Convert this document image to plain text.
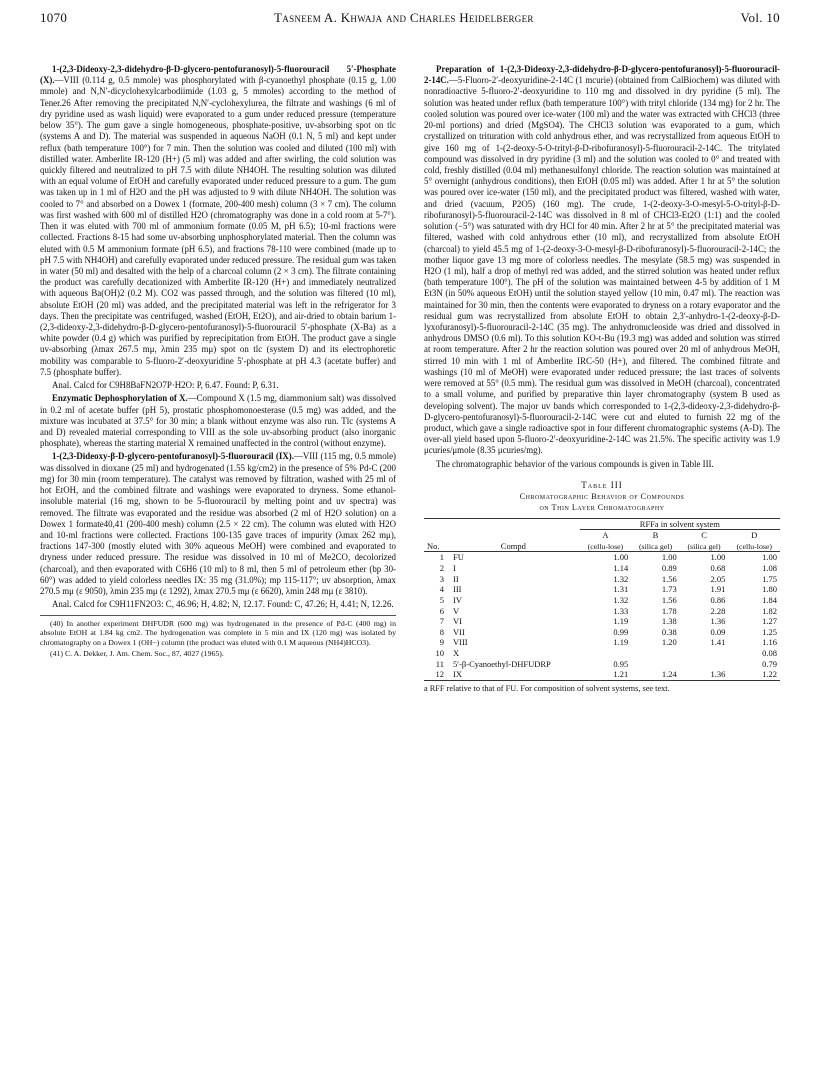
1070	Tasneem A. Khwaja and Charles Heidelberger	Vol. 10

1-(2,3-Dideoxy-2,3-didehydro-β-D-glycero-pentofuranosyl)-5-fluorouracil 5′-Phosphate (X).—VIII (0.114 g, 0.5 mmole) was phosphorylated with β-cyanoethyl phosphate (0.15 g, 1.00 mmole) and N,N′-dicyclohexylcarbodiimide (1.03 g, 5 mmoles) according to the method of Tener.26 After removing the precipitated N,N′-cyclohexylurea, the filtrate and washings (6 ml of dry pyridine used as wash liquid) were evaporated to a gum under reduced pressure (temperature below 35°). The gum gave a single homogeneous, phosphate-positive, uv-absorbing spot on tlc (systems A and D). The material was suspended in aqueous NaOH (0.1 N, 5 ml) and kept under reflux (bath temperature 100°) for 7 min. Then the solution was cooled and diluted (100 ml) with distilled water. Amberlite IR-120 (H+) (5 ml) was added and after swirling, the cold solution was quickly filtered and neutralized to pH 7.5 with dilute NH4OH. The resulting solution was diluted with an equal volume of EtOH and carefully evaporated under reduced pressure to a gum. The gum was taken up in 1 ml of H2O and the pH was adjusted to 9 with dilute NH4OH. The solution was cooled to 7° and absorbed on a Dowex 1 (formate, 200-400 mesh) column (3 × 7 cm). The column was first washed with 600 ml of distilled H2O (chromatography was done in a cold room at 5-7°). Then it was eluted with 700 ml of ammonium formate (0.05 M, pH 6.5); 10-ml fractions were collected. Fractions 8-15 had some uv-absorbing unphosphorylated material. Then the column was eluted with 0.5 M ammonium formate (pH 6.5), and fractions 78-110 were combined (made up to pH 7.5 with NH4OH) and carefully evaporated under reduced pressure. The residual gum was taken in water (50 ml) and desalted with the help of a charcoal column (2 × 3 cm). The filtrate containing the product was carefully decationized with Amberlite IR-120 (H+) and immediately neutralized with aqueous Ba(OH)2 (0.2 M). CO2 was passed through, and the solution was filtered (10 ml), absolute EtOH (20 ml) was added, and the precipitated material was left in the refrigerator for 3 days. Then the precipitate was centrifuged, washed (EtOH, Et2O), and air-dried to obtain barium 1-(2,3-dideoxy-2,3-didehydro-β-D-glycero-pentofuranosyl)-5-fluorouracil 5′-phosphate (X-Ba) as a white powder (0.4 g) which was purified by reprecipitation from EtOH. The product gave a single uv-absorbing (λmax 267.5 mμ, λmin 235 mμ) spot on tlc (system D) and its electrophoretic mobility was comparable to 5-fluoro-2′-deoxyuridine 5′-phosphate at pH 4.3 (acetate buffer) and 7.5 (phosphate buffer).

Anal. Calcd for C9H8BaFN2O7P·H2O: P, 6.47. Found: P, 6.31.

Enzymatic Dephosphorylation of X.—Compound X (1.5 mg, diammonium salt) was dissolved in 0.2 ml of acetate buffer (pH 5), prostatic phosphomonoesterase (0.5 mg) was added, and the mixture was incubated at 37.5° for 30 min; a blank without enzyme was also run. Tlc (systems A and D) revealed material corresponding to VIII as the sole uv-absorbing product (also inorganic phosphate), whereas the starting material X remained unaffected in the control (without enzyme).

1-(2,3-Dideoxy-β-D-glycero-pentofuranosyl)-5-fluorouracil (IX).—VIII (115 mg, 0.5 mmole) was dissolved in dioxane (25 ml) and hydrogenated (1.55 kg/cm2) in the presence of 5% Pd-C (200 mg) for 30 min (room temperature). The catalyst was removed by filtration, washed with 25 ml of hot EtOH, and the combined filtrate and washings were evaporated to dryness. Some ethanol-insoluble material (16 mg, shown to be 5-fluorouracil by melting point and uv spectra) was removed. The filtrate was evaporated and the residue was absorbed (2 ml of H2O solution) on a Dowex 1 formate40,41 (200-400 mesh) column (2.5 × 22 cm). The column was eluted with H2O and 10-ml fractions were collected. Fractions 100-135 gave traces of impurity (λmax 262 mμ), fractions 147-300 (mostly eluted with 30% aqueous MeOH) were combined and evaporated to dryness under reduced pressure. The residue was dissolved in 10 ml of Me2CO, decolorized (charcoal), and then evaporated with C6H6 (10 ml) to 8 ml, then 5 ml of petroleum ether (bp 30-60°) was added to yield colorless needles IX: 35 mg (31.0%); mp 115-117°; uv absorption, λmax 270.5 mμ (ε 9050), λmin 235 mμ (ε 1292), λmax 270.5 mμ (ε 6620), λmin 248 mμ (ε 3810).

Anal. Calcd for C9H11FN2O3: C, 46.96; H, 4.82; N, 12.17. Found: C, 47.26; H, 4.41; N, 12.26.

(40) In another experiment DHFUDR (600 mg) was hydrogenated in the presence of Pd-C (400 mg) in absolute EtOH at 1.84 kg cm2. The hydrogenation was complete in 5 min and IX (120 mg) was isolated by chromatography on a Dowex 1 (OH−) column (the product was eluted with 0.1 M aqueous (NH4)HCO3).

(41) C. A. Dekker, J. Am. Chem. Soc., 87, 4027 (1965).

Preparation of 1-(2,3-Dideoxy-2,3-didehydro-β-D-glycero-pentofuranosyl)-5-fluorouracil-2-14C.—5-Fluoro-2′-deoxyuridine-2-14C (1 mcurie) (obtained from CalBiochem) was diluted with nonradioactive 5-fluoro-2′-deoxyuridine to 110 mg and dissolved in dry pyridine (5 ml). The solution was heated under reflux (bath temperature 100°) with trityl chloride (134 mg) for 2 hr. The cooled solution was poured over ice-water (100 ml) and the water was extracted with CHCl3 (three 20-ml portions) and dried (MgSO4). The CHCl3 solution was evaporated to a gum, which crystallized on trituration with cold anhydrous ether, and was recrystallized from aqueous EtOH to give 160 mg of 1-(2-deoxy-5-O-trityl-β-D-ribofuranosyl)-5-fluorouracil-2-14C. The tritylated compound was dissolved in dry pyridine (3 ml) and the solution was cooled to 0° and treated with cold, freshly distilled (0.04 ml) methanesulfonyl chloride. The reaction solution was maintained at 5° overnight (anhydrous conditions), then EtOH (0.05 ml) was added. After 1 hr at 5° the solution was poured over ice-water (150 ml), and the precipitated product was filtered, washed with water, and dried (vacuum, P2O5) (160 mg). The crude, 1-(2-deoxy-3-O-mesyl-5-O-trityl-β-D-ribofuranosyl)-5-fluorouracil-2-14C was dissolved in 8 ml of CHCl3-Et2O (1:1) and the cooled solution (−5°) was saturated with dry HCl for 40 min. After 2 hr at 5° the precipitated material was filtered, washed with cold anhydrous ether (10 ml), and recrystallized from absolute EtOH (charcoal) to yield 45.5 mg of 1-(2-deoxy-3-O-mesyl-β-D-ribofuranosyl)-5-fluorouracil-2-14C; the mother liquor gave 13 mg more of colorless needles. The mesylate (58.5 mg) was suspended in H2O (1 ml), half a drop of methyl red was added, and the stirred solution was heated under reflux (bath temperature 100°). The pH of the solution was maintained between 4-5 by addition of 1 M Et3N (in 50% aqueous EtOH) until the solution stayed yellow (10 min, 0.47 ml). The reaction was maintained for 30 min, then the contents were evaporated to dryness on a rotary evaporator and the residual gum was recrystallized from absolute EtOH to obtain 2,3′-anhydro-1-(2-deoxy-β-D-lyxofuranosyl)-5-fluorouracil-2-14C (35 mg). The anhydronucleoside was dried and dissolved in anhydrous DMSO (0.6 ml). To this solution KO-t-Bu (19.3 mg) was added and solution was stirred at room temperature. After 2 hr the reaction solution was poured over 20 ml of anhydrous MeOH, stirred 10 min with 1 ml of Amberlite IRC-50 (H+), and filtered. The combined filtrate and washings (10 ml of MeOH) were evaporated under reduced pressure; the last traces of solvents were removed at 55° (0.5 mm). The residual gum was dissolved in MeOH (charcoal), concentrated to a small volume, and purified by preparative thin layer chromatography (system B used as developing solvent). The major uv bands which corresponded to 1-(2,3-dideoxy-2,3-didehydro-β-D-glycero-pentofuranosyl)-5-fluorouracil-2-14C were cut and eluted to furnish 22 mg of the product, which gave a single radioactive spot in four different chromatographic systems (A-D). The over-all yield based upon 5-fluoro-2′-deoxyuridine-2-14C was 21.5%. The specific activity was 1.9 μcuries/μmole (8.35 μcuries/mg).

The chromatographic behavior of the various compounds is given in Table III.

Table III
Chromatographic Behavior of Compounds
on Thin Layer Chromatography
		RFFa in solvent system			
		A	B	C	D
No.	Compd	(cellu-lose)	(silica gel)	(silica gel)	(cellu-lose)
1	FU	1.00	1.00	1.00	1.00
2	I	1.14	0.89	0.68	1.08
3	II	1.32	1.56	2.05	1.75
4	III	1.31	1.73	1.91	1.80
5	IV	1.32	1.56	0.86	1.84
6	V	1.33	1.78	2.28	1.82
7	VI	1.19	1.38	1.36	1.27
8	VII	0.99	0.38	0.09	1.25
9	VIII	1.19	1.20	1.41	1.16
10	X				0.08
11	5′-β-Cyanoethyl-DHFUDRP	0.95			0.79
12	IX	1.21	1.24	1.36	1.22
a RFF relative to that of FU. For composition of solvent systems, see text.
